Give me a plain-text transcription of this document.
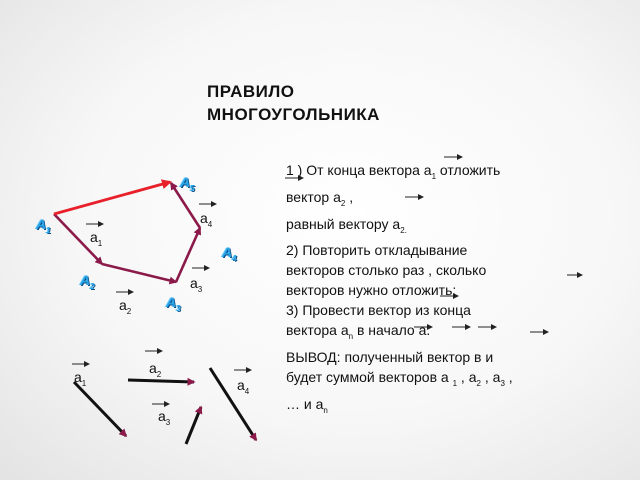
ПРАВИЛО
МНОГОУГОЛЬНИКА
1 ) От конца вектора $a_1$ отложить
вектор $a_2$ ,
равный вектору $a_{2.}$
2) Повторить откладывание
векторов столько раз , сколько
векторов нужно отложить;
3) Провести вектор из конца
вектора $a_n$ в начало a.
ВЫВОД: полученный вектор в и
будет суммой векторов a $_1$ , $a_2$ , $a_3$ ,
… и $a_n$
$A_5$
$A_1$
$A_4$
$A_2$
$A_3$
$a_4$
$a_1$
$a_3$
$a_2$
$a_2$
$a_1$	$a_4$
$a_3$
